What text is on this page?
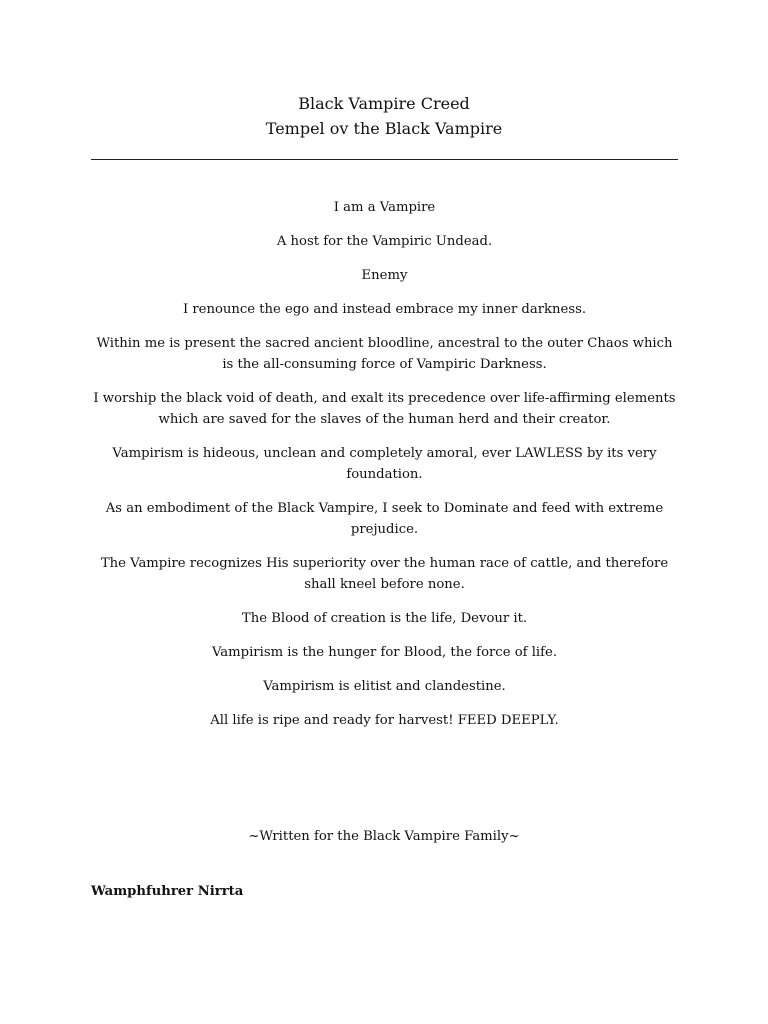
Black Vampire Creed
Tempel ov the Black Vampire

I am a Vampire

A host for the Vampiric Undead.

Enemy

I renounce the ego and instead embrace my inner darkness.

Within me is present the sacred ancient bloodline, ancestral to the outer Chaos which is the all-consuming force of Vampiric Darkness.

I worship the black void of death, and exalt its precedence over life-affirming elements which are saved for the slaves of the human herd and their creator.

Vampirism is hideous, unclean and completely amoral, ever LAWLESS by its very foundation.

As an embodiment of the Black Vampire, I seek to Dominate and feed with extreme prejudice.

The Vampire recognizes His superiority over the human race of cattle, and therefore shall kneel before none.

The Blood of creation is the life, Devour it.

Vampirism is the hunger for Blood, the force of life.

Vampirism is elitist and clandestine.

All life is ripe and ready for harvest! FEED DEEPLY.

~Written for the Black Vampire Family~
Wamphfuhrer Nirrta
